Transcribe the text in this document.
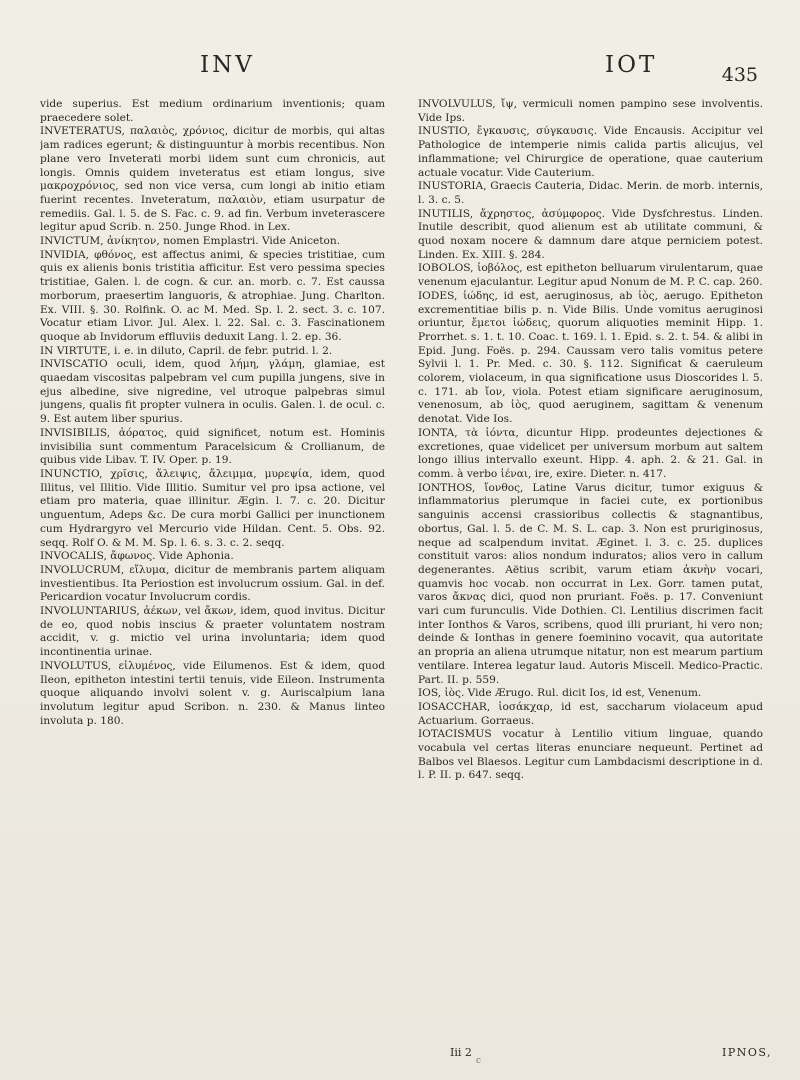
INV	IOT	435

vide superius. Est medium ordinarium inventionis; quam praecedere solet.

INVETERATUS, παλαιὸς, χρόνιος, dicitur de morbis, qui altas jam radices egerunt; & distinguuntur à morbis recentibus. Non plane vero Inveterati morbi iidem sunt cum chronicis, aut longis. Omnis quidem inveteratus est etiam longus, sive μακροχρόνιος, sed non vice versa, cum longi ab initio etiam fuerint recentes. Inveteratum, παλαιὸν, etiam usurpatur de remediis. Gal. l. 5. de S. Fac. c. 9. ad fin. Verbum inveterascere legitur apud Scrib. n. 250. Junge Rhod. in Lex.

INVICTUM, ἀνίκητον, nomen Emplastri. Vide Aniceton.

INVIDIA, φθόνος, est affectus animi, & species tristitiae, cum quis ex alienis bonis tristitia afficitur. Est vero pessima species tristitiae, Galen. l. de cogn. & cur. an. morb. c. 7. Est caussa morborum, praesertim languoris, & atrophiae. Jung. Charlton. Ex. VIII. §. 30. Rolfink. O. ac M. Med. Sp. l. 2. sect. 3. c. 107. Vocatur etiam Livor. Jul. Alex. l. 22. Sal. c. 3. Fascinationem quoque ab Invidorum effluviis deduxit Lang. l. 2. ep. 36.

IN VIRTUTE, i. e. in diluto, Capril. de febr. putrid. l. 2.

INVISCATIO oculi, idem, quod λήμη, γλάμη, glamiae, est quaedam viscositas palpebram vel cum pupilla jungens, sive in ejus albedine, sive nigredine, vel utroque palpebras simul jungens, qualis fit propter vulnera in oculis. Galen. l. de ocul. c. 9. Est autem liber spurius.

INVISIBILIS, ἀόρατος, quid significet, notum est. Hominis invisibilia sunt commentum Paracelsicum & Crollianum, de quibus vide Libav. T. IV. Oper. p. 19.

INUNCTIO, χρῖσις, ἄλειψις, ἄλειμμα, μυρεψία, idem, quod Illitus, vel Illitio. Vide Illitio. Sumitur vel pro ipsa actione, vel etiam pro materia, quae illinitur. Ægin. l. 7. c. 20. Dicitur unguentum, Adeps &c. De cura morbi Gallici per inunctionem cum Hydrargyro vel Mercurio vide Hildan. Cent. 5. Obs. 92. seqq. Rolf O. & M. M. Sp. l. 6. s. 3. c. 2. seqq.

INVOCALIS, ἄφωνος. Vide Aphonia.

INVOLUCRUM, εἴλυμα, dicitur de membranis partem aliquam investientibus. Ita Periostion est involucrum ossium. Gal. in def. Pericardion vocatur Involucrum cordis.

INVOLUNTARIUS, ἀέκων, vel ἄκων, idem, quod invitus. Dicitur de eo, quod nobis inscius & praeter voluntatem nostram accidit, v. g. mictio vel urina involuntaria; idem quod incontinentia urinae.

INVOLUTUS, εἰλυμένος, vide Eilumenos. Est & idem, quod Ileon, epitheton intestini tertii tenuis, vide Eileon. Instrumenta quoque aliquando involvi solent v. g. Auriscalpium lana involutum legitur apud Scribon. n. 230. & Manus linteo involuta p. 180.

INVOLVULUS, ἴψ, vermiculi nomen pampino sese involventis. Vide Ips.

INUSTIO, ἔγκαυσις, σύγκαυσις. Vide Encausis. Accipitur vel Pathologice de intemperie nimis calida partis alicujus, vel inflammatione; vel Chirurgice de operatione, quae cauterium actuale vocatur. Vide Cauterium.

INUSTORIA, Graecis Cauteria, Didac. Merin. de morb. internis, l. 3. c. 5.

INUTILIS, ἄχρηστος, ἀσύμφορος. Vide Dysfchrestus. Linden. Inutile describit, quod alienum est ab utilitate communi, & quod noxam nocere & damnum dare atque perniciem potest. Linden. Ex. XIII. §. 284.

IOBOLOS, ἰοβόλος, est epitheton belluarum virulentarum, quae venenum ejaculantur. Legitur apud Nonum de M. P. C. cap. 260.

IODES, ἰώδης, id est, aeruginosus, ab ἰὸς, aerugo. Epitheton excrementitiae bilis p. n. Vide Bilis. Unde vomitus aeruginosi oriuntur, ἔμετοι ἰώδεις, quorum aliquoties meminit Hipp. 1. Prorrhet. s. 1. t. 10. Coac. t. 169. l. 1. Epid. s. 2. t. 54. & alibi in Epid. Jung. Foës. p. 294. Caussam vero talis vomitus petere Sylvii l. 1. Pr. Med. c. 30. §. 112. Significat & caeruleum colorem, violaceum, in qua significatione usus Dioscorides l. 5. c. 171. ab ἴον, viola. Potest etiam significare aeruginosum, venenosum, ab ἰὸς, quod aeruginem, sagittam & venenum denotat. Vide Ios.

IONTA, τὰ ἰόντα, dicuntur Hipp. prodeuntes dejectiones & excretiones, quae videlicet per universum morbum aut saltem longo illius intervallo exeunt. Hipp. 4. aph. 2. & 21. Gal. in comm. à verbo ἰέναι, ire, exire. Dieter. n. 417.

IONTHOS, ἴονθος, Latine Varus dicitur, tumor exiguus & inflammatorius plerumque in faciei cute, ex portionibus sanguinis accensi crassioribus collectis & stagnantibus, obortus, Gal. l. 5. de C. M. S. L. cap. 3. Non est pruriginosus, neque ad scalpendum invitat. Æginet. l. 3. c. 25. duplices constituit varos: alios nondum induratos; alios vero in callum degenerantes. Aëtius scribit, varum etiam ἀκνὴν vocari, quamvis hoc vocab. non occurrat in Lex. Gorr. tamen putat, varos ἄκνας dici, quod non pruriant. Foës. p. 17. Conveniunt vari cum furunculis. Vide Dothien. Cl. Lentilius discrimen facit inter Ionthos & Varos, scribens, quod illi pruriant, hi vero non; deinde & Ionthas in genere foeminino vocavit, qua autoritate an propria an aliena utrumque nitatur, non est mearum partium ventilare. Interea legatur laud. Autoris Miscell. Medico-Practic. Part. II. p. 559.

IOS, ἰὸς. Vide Ærugo. Rul. dicit Ios, id est, Venenum.

IOSACCHAR, ἰοσάκχαρ, id est, saccharum violaceum apud Actuarium. Gorraeus.

IOTACISMUS vocatur à Lentilio vitium linguae, quando vocabula vel certas literas enunciare nequeunt. Pertinet ad Balbos vel Blaesos. Legitur cum Lambdacismi descriptione in d. l. P. II. p. 647. seqq.

Iii 2	IPNOS,
c
